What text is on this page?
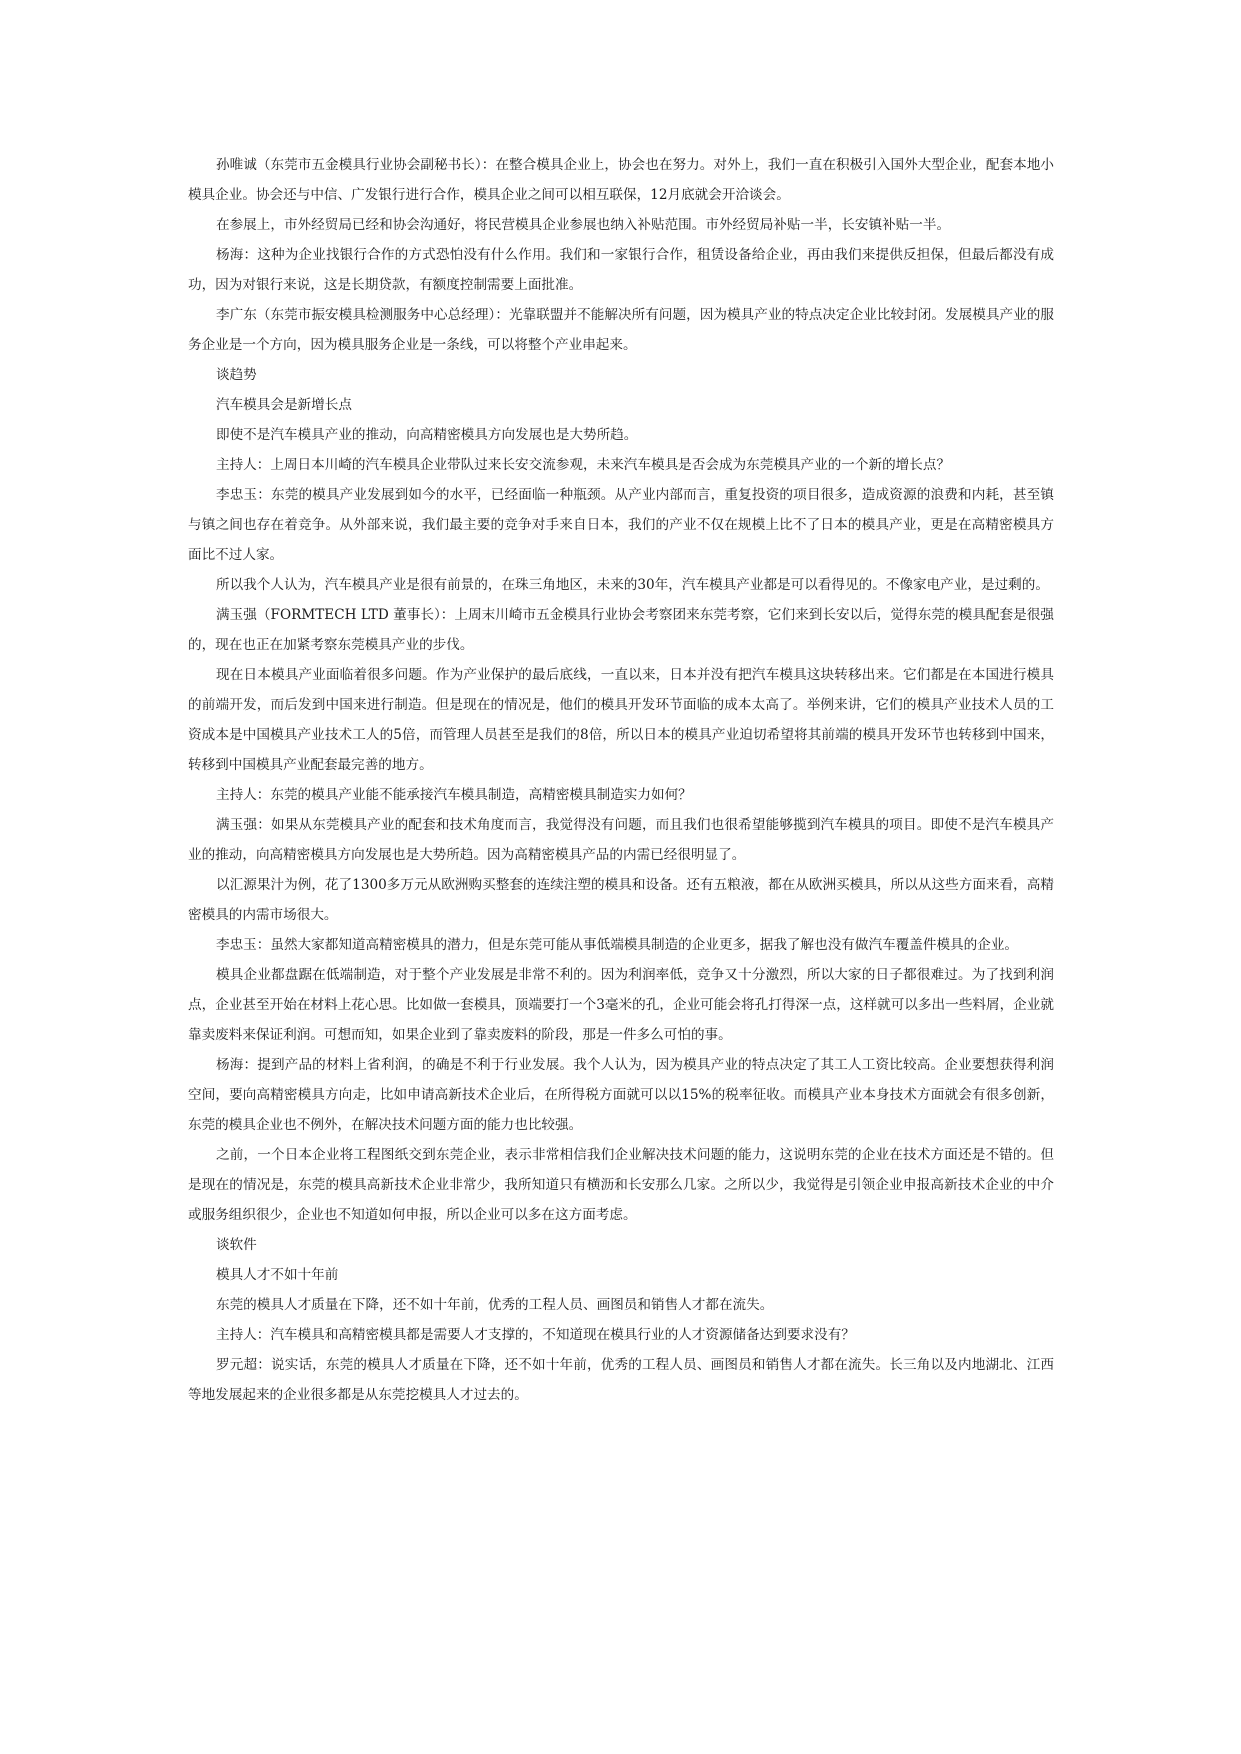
孙唯诚（东莞市五金模具行业协会副秘书长）：在整合模具企业上，协会也在努力。对外上，我们一直在积极引入国外大型企业，配套本地小模具企业。协会还与中信、广发银行进行合作，模具企业之间可以相互联保，12月底就会开洽谈会。

在参展上，市外经贸局已经和协会沟通好，将民营模具企业参展也纳入补贴范围。市外经贸局补贴一半，长安镇补贴一半。

杨海：这种为企业找银行合作的方式恐怕没有什么作用。我们和一家银行合作，租赁设备给企业，再由我们来提供反担保，但最后都没有成功，因为对银行来说，这是长期贷款，有额度控制需要上面批准。

李广东（东莞市振安模具检测服务中心总经理）：光靠联盟并不能解决所有问题，因为模具产业的特点决定企业比较封闭。发展模具产业的服务企业是一个方向，因为模具服务企业是一条线，可以将整个产业串起来。

谈趋势

汽车模具会是新增长点

即使不是汽车模具产业的推动，向高精密模具方向发展也是大势所趋。

主持人：上周日本川崎的汽车模具企业带队过来长安交流参观，未来汽车模具是否会成为东莞模具产业的一个新的增长点？

李忠玉：东莞的模具产业发展到如今的水平，已经面临一种瓶颈。从产业内部而言，重复投资的项目很多，造成资源的浪费和内耗，甚至镇与镇之间也存在着竞争。从外部来说，我们最主要的竞争对手来自日本，我们的产业不仅在规模上比不了日本的模具产业，更是在高精密模具方面比不过人家。

所以我个人认为，汽车模具产业是很有前景的，在珠三角地区，未来的30年，汽车模具产业都是可以看得见的。不像家电产业，是过剩的。

满玉强（FORMTECH LTD 董事长）：上周末川崎市五金模具行业协会考察团来东莞考察，它们来到长安以后，觉得东莞的模具配套是很强的，现在也正在加紧考察东莞模具产业的步伐。

现在日本模具产业面临着很多问题。作为产业保护的最后底线，一直以来，日本并没有把汽车模具这块转移出来。它们都是在本国进行模具的前端开发，而后发到中国来进行制造。但是现在的情况是，他们的模具开发环节面临的成本太高了。举例来讲，它们的模具产业技术人员的工资成本是中国模具产业技术工人的5倍，而管理人员甚至是我们的8倍，所以日本的模具产业迫切希望将其前端的模具开发环节也转移到中国来，转移到中国模具产业配套最完善的地方。

主持人：东莞的模具产业能不能承接汽车模具制造，高精密模具制造实力如何？

满玉强：如果从东莞模具产业的配套和技术角度而言，我觉得没有问题，而且我们也很希望能够揽到汽车模具的项目。即使不是汽车模具产业的推动，向高精密模具方向发展也是大势所趋。因为高精密模具产品的内需已经很明显了。

以汇源果汁为例，花了1300多万元从欧洲购买整套的连续注塑的模具和设备。还有五粮液，都在从欧洲买模具，所以从这些方面来看，高精密模具的内需市场很大。

李忠玉：虽然大家都知道高精密模具的潜力，但是东莞可能从事低端模具制造的企业更多，据我了解也没有做汽车覆盖件模具的企业。

模具企业都盘踞在低端制造，对于整个产业发展是非常不利的。因为利润率低，竞争又十分激烈，所以大家的日子都很难过。为了找到利润点，企业甚至开始在材料上花心思。比如做一套模具，顶端要打一个3毫米的孔，企业可能会将孔打得深一点，这样就可以多出一些料屑，企业就靠卖废料来保证利润。可想而知，如果企业到了靠卖废料的阶段，那是一件多么可怕的事。

杨海：提到产品的材料上省利润，的确是不利于行业发展。我个人认为，因为模具产业的特点决定了其工人工资比较高。企业要想获得利润空间，要向高精密模具方向走，比如申请高新技术企业后，在所得税方面就可以以15%的税率征收。而模具产业本身技术方面就会有很多创新，东莞的模具企业也不例外，在解决技术问题方面的能力也比较强。

之前，一个日本企业将工程图纸交到东莞企业，表示非常相信我们企业解决技术问题的能力，这说明东莞的企业在技术方面还是不错的。但是现在的情况是，东莞的模具高新技术企业非常少，我所知道只有横沥和长安那么几家。之所以少，我觉得是引领企业申报高新技术企业的中介或服务组织很少，企业也不知道如何申报，所以企业可以多在这方面考虑。

谈软件

模具人才不如十年前

东莞的模具人才质量在下降，还不如十年前，优秀的工程人员、画图员和销售人才都在流失。

主持人：汽车模具和高精密模具都是需要人才支撑的，不知道现在模具行业的人才资源储备达到要求没有？

罗元超：说实话，东莞的模具人才质量在下降，还不如十年前，优秀的工程人员、画图员和销售人才都在流失。长三角以及内地湖北、江西等地发展起来的企业很多都是从东莞挖模具人才过去的。
